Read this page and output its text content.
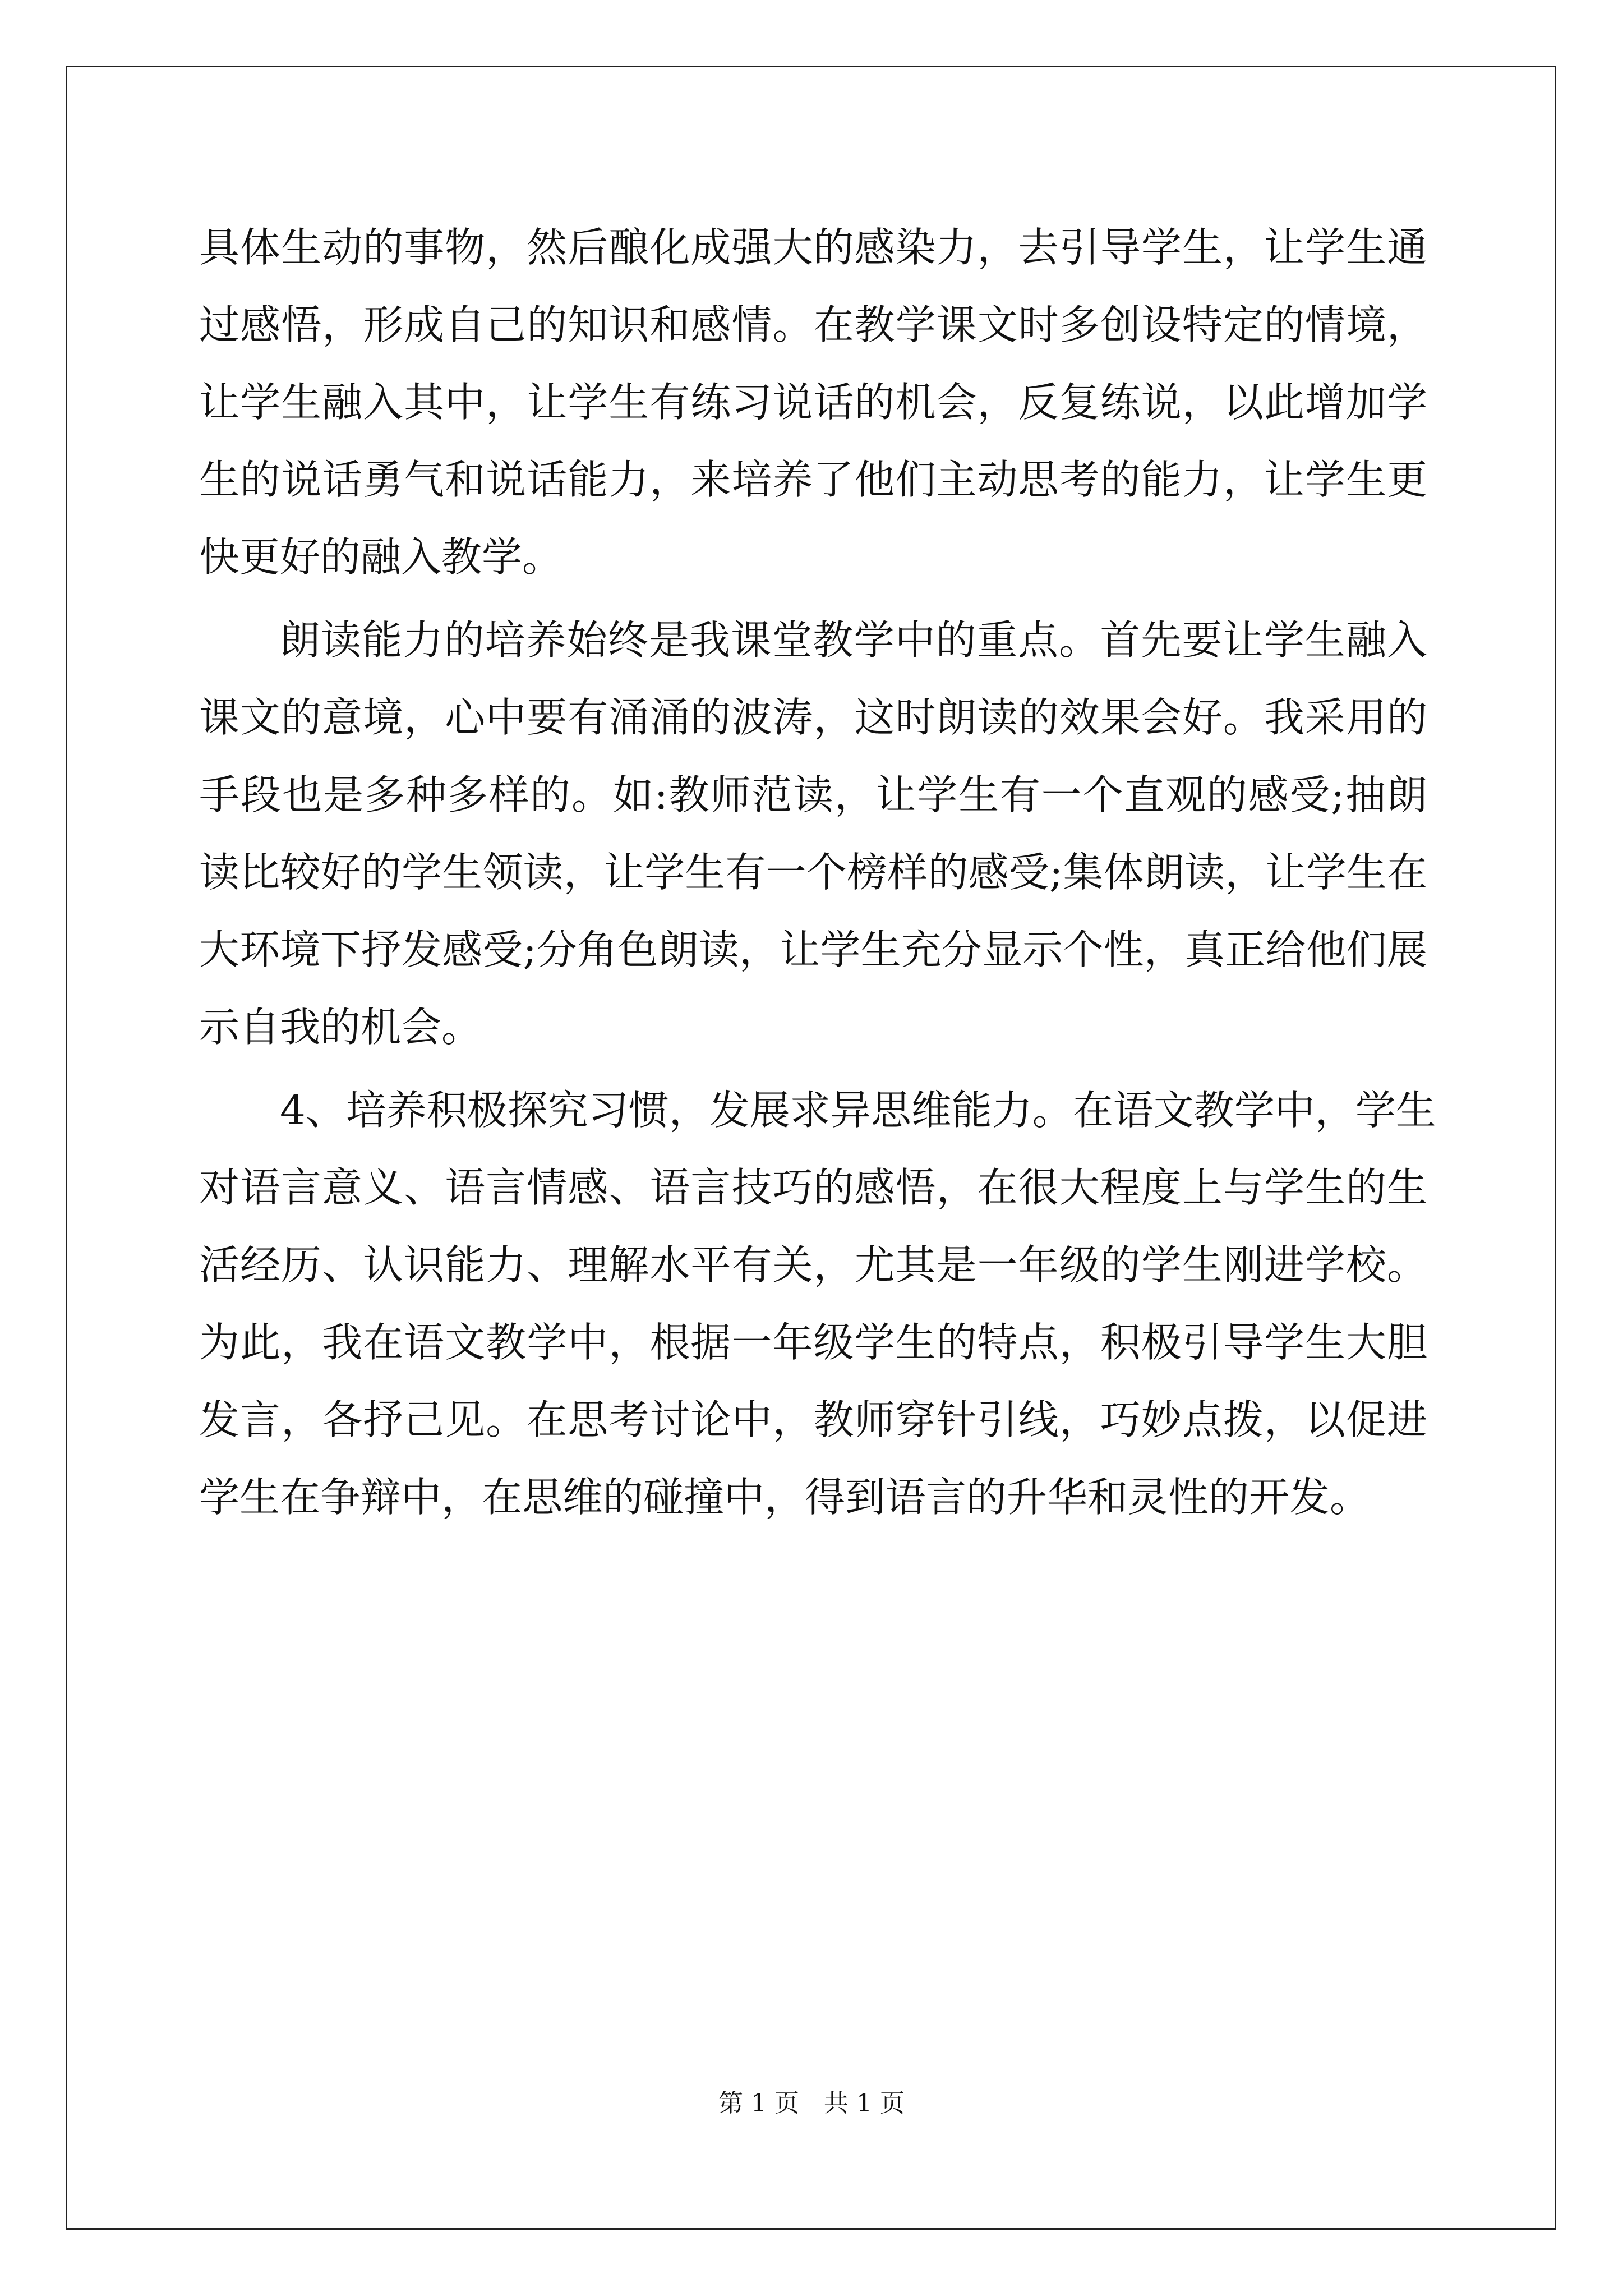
具体生动的事物，然后酿化成强大的感染力，去引导学生，让学生通
过感悟，形成自己的知识和感情。在教学课文时多创设特定的情境，
让学生融入其中，让学生有练习说话的机会，反复练说，以此增加学
生的说话勇气和说话能力，来培养了他们主动思考的能力，让学生更
快更好的融入教学。
朗读能力的培养始终是我课堂教学中的重点。首先要让学生融入
课文的意境，心中要有涌涌的波涛，这时朗读的效果会好。我采用的
手段也是多种多样的。如:教师范读，让学生有一个直观的感受;抽朗
读比较好的学生领读，让学生有一个榜样的感受;集体朗读，让学生在
大环境下抒发感受;分角色朗读，让学生充分显示个性，真正给他们展
示自我的机会。
4、培养积极探究习惯，发展求异思维能力。在语文教学中，学生
对语言意义、语言情感、语言技巧的感悟，在很大程度上与学生的生
活经历、认识能力、理解水平有关，尤其是一年级的学生刚进学校。
为此，我在语文教学中，根据一年级学生的特点，积极引导学生大胆
发言，各抒己见。在思考讨论中，教师穿针引线，巧妙点拨，以促进
学生在争辩中，在思维的碰撞中，得到语言的升华和灵性的开发。
第 1 页　共 1 页
